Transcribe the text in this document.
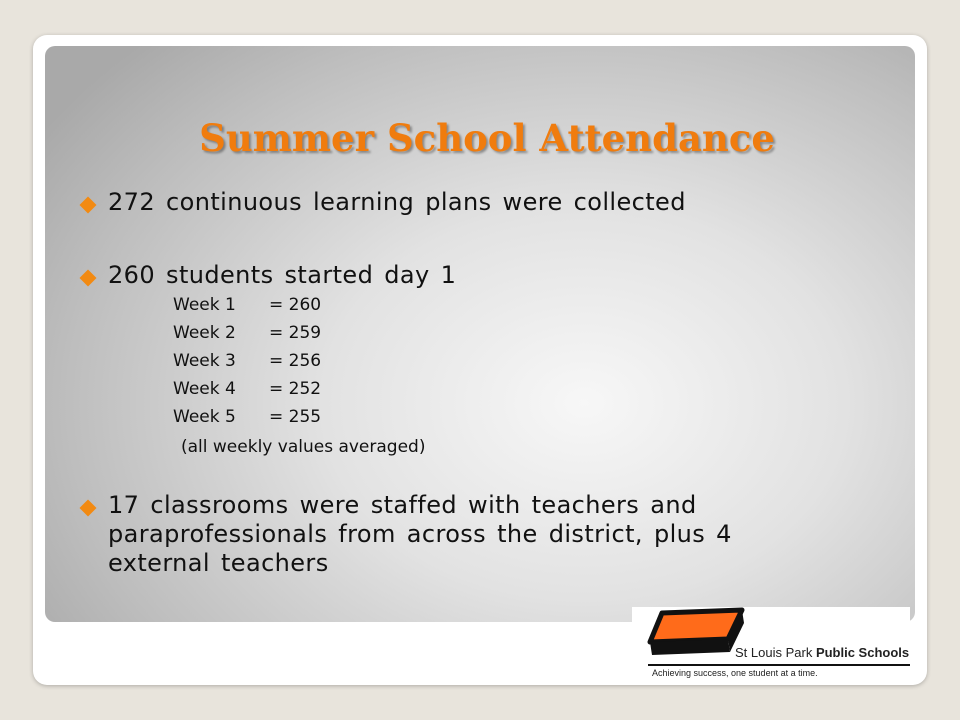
Summer School Attendance
272 continuous learning plans were collected
260 students started day 1
Week 1	= 260
Week 2	= 259
Week 3	= 256
Week 4	= 252
Week 5	= 255
(all weekly values averaged)
17 classrooms were staffed with teachers and paraprofessionals from across the district, plus 4 external teachers
St Louis Park Public Schools
Achieving success, one student at a time.
